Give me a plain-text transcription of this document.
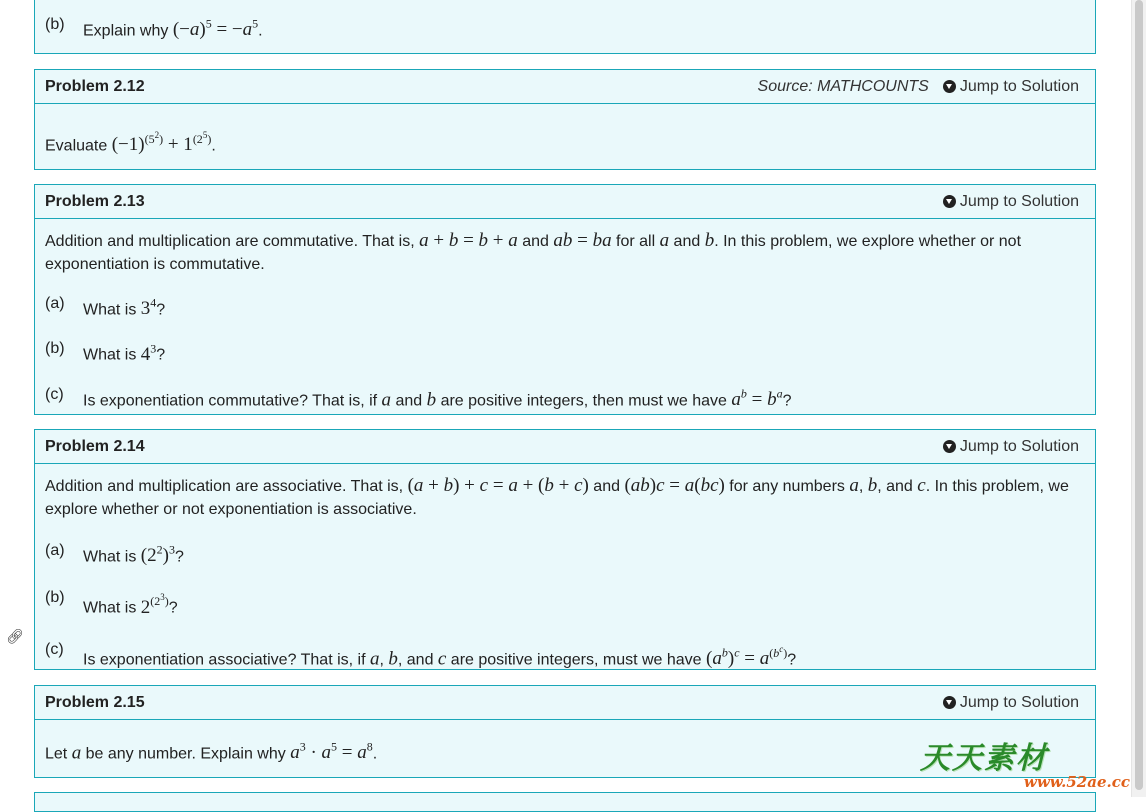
(b)	Explain why $(-a)^5 = -a^5$.
Problem 2.12	Source: MATHCOUNTS Jump to Solution

Evaluate $(-1)^{(5^2)} + 1^{(2^5)}$.

Problem 2.13	Jump to Solution

Addition and multiplication are commutative. That is, a + b = b + a and ab = ba for all a and b. In this problem, we explore whether or not exponentiation is commutative.

(a)	What is $3^4$?
(b)	What is $4^3$?
(c)	Is exponentiation commutative? That is, if a and b are positive integers, then must we have $a^b = b^a$?
Problem 2.14	Jump to Solution

Addition and multiplication are associative. That is, (a + b) + c = a + (b + c) and (ab)c = a(bc) for any numbers a, b, and c. In this problem, we explore whether or not exponentiation is associative.

(a)	What is $(2^2)^3$?
(b)
What is 2$^{(2^3)}$?
(c)
Is exponentiation associative? That is, if a, b, and c are positive integers, must we have $(a^b)^c = a^{(b^c)}$?
🔗︎
Problem 2.15	Jump to Solution

Let a be any number. Explain why $a^3 \cdot a^5 = a^8$.	天天素材
www.52ae.cc
